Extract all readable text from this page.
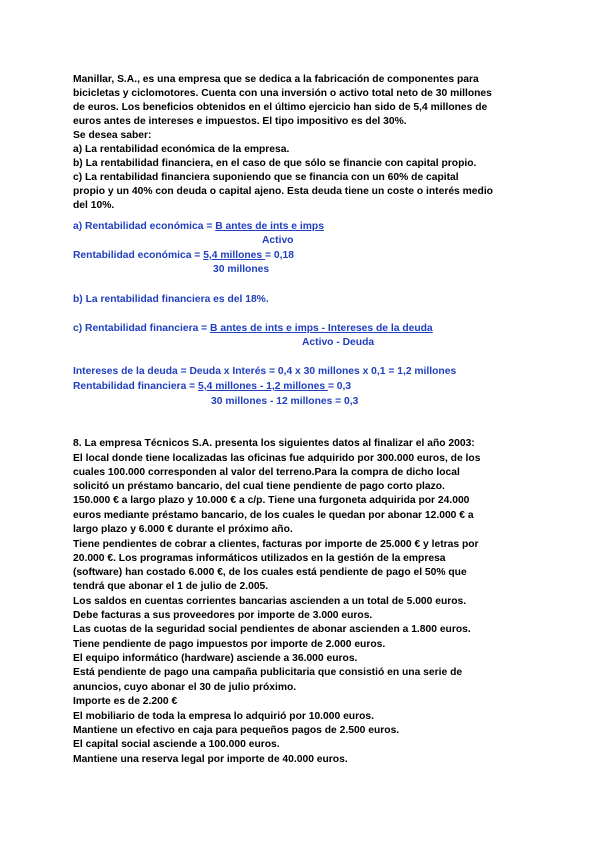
Manillar, S.A., es una empresa que se dedica a la fabricación de componentes para
bicicletas y ciclomotores. Cuenta con una inversión o activo total neto de 30 millones
de euros. Los beneficios obtenidos en el último ejercicio han sido de 5,4 millones de
euros antes de intereses e impuestos. El tipo impositivo es del 30%.
Se desea saber:
a) La rentabilidad económica de la empresa.
b) La rentabilidad financiera, en el caso de que sólo se financie con capital propio.
c) La rentabilidad financiera suponiendo que se financia con un 60% de capital
propio y un 40% con deuda o capital ajeno. Esta deuda tiene un coste o interés medio
del 10%.
a) Rentabilidad económica = B antes de ints e imps
Activo
Rentabilidad económica = 5,4 millones = 0,18
30 millones
b) La rentabilidad financiera es del 18%.
c) Rentabilidad financiera = B antes de ints e imps - Intereses de la deuda
Activo - Deuda
Intereses de la deuda = Deuda x Interés = 0,4 x 30 millones x 0,1 = 1,2 millones
Rentabilidad financiera = 5,4 millones - 1,2 millones = 0,3
30 millones - 12 millones = 0,3
8. La empresa Técnicos S.A. presenta los siguientes datos al finalizar el año 2003:
El local donde tiene localizadas las oficinas fue adquirido por 300.000 euros, de los
cuales 100.000 corresponden al valor del terreno.Para la compra de dicho local
solicitó un préstamo bancario, del cual tiene pendiente de pago corto plazo.
150.000 € a largo plazo y 10.000 € a c/p. Tiene una furgoneta adquirida por 24.000
euros mediante préstamo bancario, de los cuales le quedan por abonar 12.000 € a
largo plazo y 6.000 € durante el próximo año.
Tiene pendientes de cobrar a clientes, facturas por importe de 25.000 € y letras por
20.000 €. Los programas informáticos utilizados en la gestión de la empresa
(software) han costado 6.000 €, de los cuales está pendiente de pago el 50% que
tendrá que abonar el 1 de julio de 2.005.
Los saldos en cuentas corrientes bancarias ascienden a un total de 5.000 euros.
Debe facturas a sus proveedores por importe de 3.000 euros.
Las cuotas de la seguridad social pendientes de abonar ascienden a 1.800 euros.
Tiene pendiente de pago impuestos por importe de 2.000 euros.
El equipo informático (hardware) asciende a 36.000 euros.
Está pendiente de pago una campaña publicitaria que consistió en una serie de
anuncios, cuyo abonar el 30 de julio próximo.
Importe es de 2.200 €
El mobiliario de toda la empresa lo adquirió por 10.000 euros.
Mantiene un efectivo en caja para pequeños pagos de 2.500 euros.
El capital social asciende a 100.000 euros.
Mantiene una reserva legal por importe de 40.000 euros.
